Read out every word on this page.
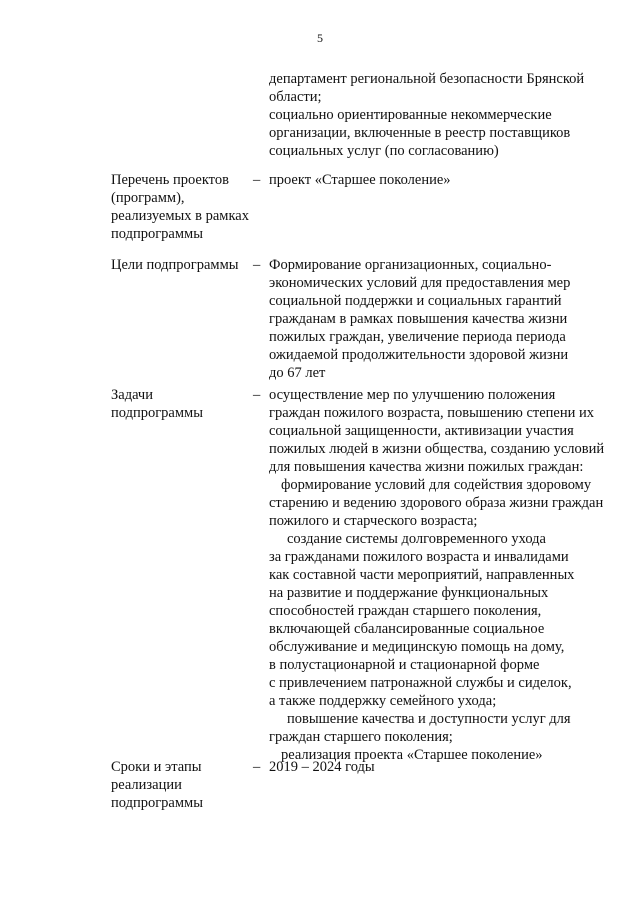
5
департамент региональной безопасности Брянской
области;
социально ориентированные некоммерческие
организации, включенные в реестр поставщиков
социальных услуг (по согласованию)
Перечень проектов
(программ),
реализуемых в рамках
подпрограммы
– проект «Старшее поколение»
Цели подпрограммы	– Формирование организационных, социально-
экономических условий для предоставления мер
социальной поддержки и социальных гарантий
гражданам в рамках повышения качества жизни
пожилых граждан, увеличение периода периода
ожидаемой продолжительности здоровой жизни
до 67 лет
Задачи
подпрограммы
– осуществление мер по улучшению положения
граждан пожилого возраста, повышению степени их
социальной защищенности, активизации участия
пожилых людей в жизни общества, созданию условий
для повышения качества жизни пожилых граждан:
формирование условий для содействия здоровому
старению и ведению здорового образа жизни граждан
пожилого и старческого возраста;
создание системы долговременного ухода
за гражданами пожилого возраста и инвалидами
как составной части мероприятий, направленных
на развитие и поддержание функциональных
способностей граждан старшего поколения,
включающей сбалансированные социальное
обслуживание и медицинскую помощь на дому,
в полустационарной и стационарной форме
с привлечением патронажной службы и сиделок,
а также поддержку семейного ухода;
повышение качества и доступности услуг для
граждан старшего поколения;
реализация проекта «Старшее поколение»
Сроки и этапы
реализации
подпрограммы
– 2019 – 2024 годы
